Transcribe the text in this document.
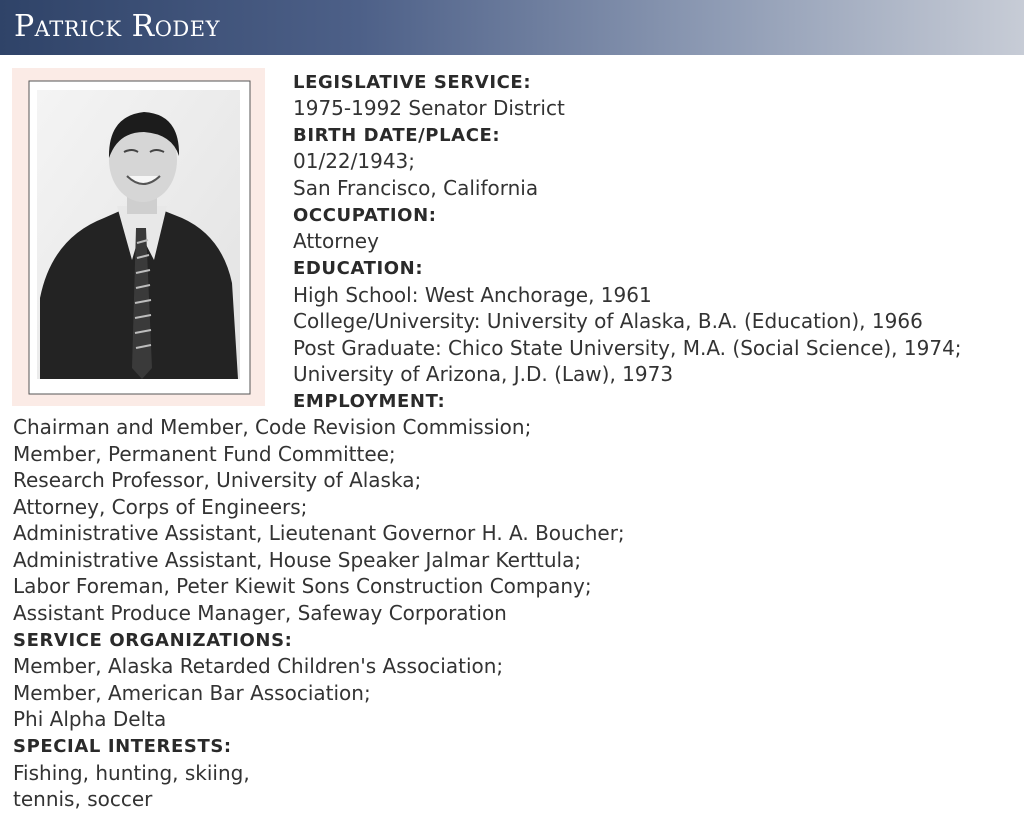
Patrick Rodey
LEGISLATIVE SERVICE:
1975-1992 Senator District
BIRTH DATE/PLACE:
01/22/1943;
San Francisco, California
OCCUPATION:
Attorney
EDUCATION:
High School: West Anchorage, 1961
College/University: University of Alaska, B.A. (Education), 1966
Post Graduate: Chico State University, M.A. (Social Science), 1974;
University of Arizona, J.D. (Law), 1973
EMPLOYMENT:
Chairman and Member, Code Revision Commission;
Member, Permanent Fund Committee;
Research Professor, University of Alaska;
Attorney, Corps of Engineers;
Administrative Assistant, Lieutenant Governor H. A. Boucher;
Administrative Assistant, House Speaker Jalmar Kerttula;
Labor Foreman, Peter Kiewit Sons Construction Company;
Assistant Produce Manager, Safeway Corporation
SERVICE ORGANIZATIONS:
Member, Alaska Retarded Children's Association;
Member, American Bar Association;
Phi Alpha Delta
SPECIAL INTERESTS:
Fishing, hunting, skiing,
tennis, soccer
